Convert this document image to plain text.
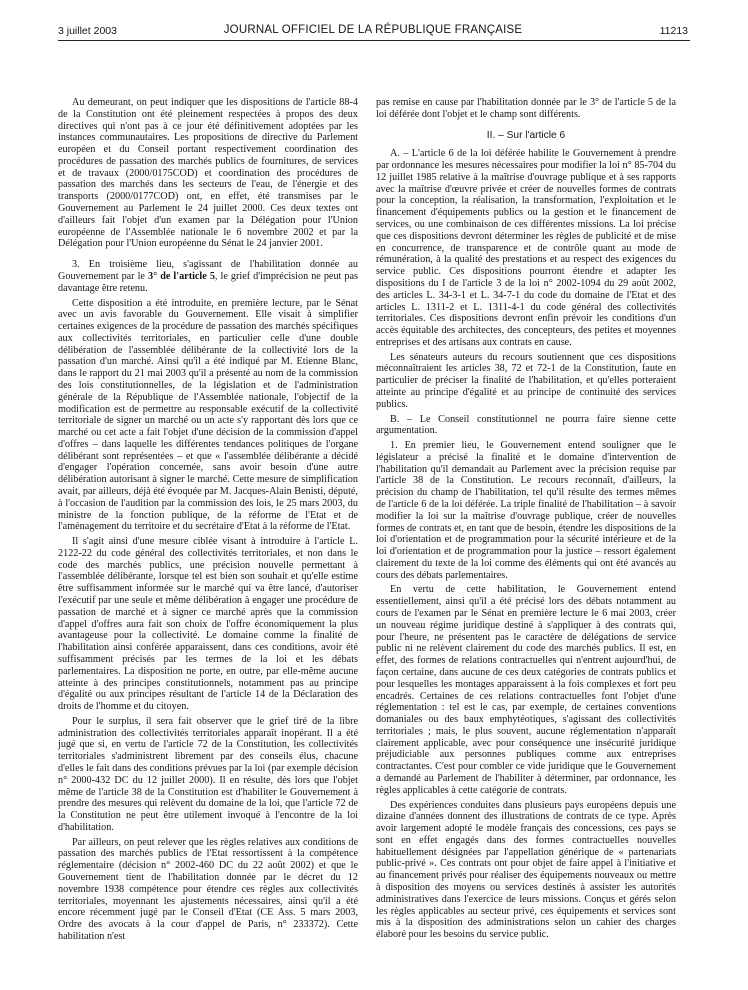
3 juillet 2003	JOURNAL OFFICIEL DE LA RÉPUBLIQUE FRANÇAISE	11213

Au demeurant, on peut indiquer que les dispositions de l'article 88-4 de la Constitution ont été pleinement respectées à propos des deux directives qui n'ont pas à ce jour été définitivement adoptées par les instances communautaires. Les propositions de directive du Parlement européen et du Conseil portant respectivement coordination des procédures de passation des marchés publics de fournitures, de services et de travaux (2000/0175COD) et coordination des procédures de passation des marchés dans les secteurs de l'eau, de l'énergie et des transports (2000/0177COD) ont, en effet, été transmises par le Gouvernement au Parlement le 24 juillet 2000. Ces deux textes ont d'ailleurs fait l'objet d'un examen par la Délégation pour l'Union européenne de l'Assemblée nationale le 6 novembre 2002 et par la Délégation pour l'Union européenne du Sénat le 24 janvier 2001.

3. En troisième lieu, s'agissant de l'habilitation donnée au Gouvernement par le 3° de l'article 5, le grief d'imprécision ne peut pas davantage être retenu.

Cette disposition a été introduite, en première lecture, par le Sénat avec un avis favorable du Gouvernement. Elle visait à simplifier certaines exigences de la procédure de passation des marchés spécifiques aux collectivités territoriales, en particulier celle d'une double délibération de l'assemblée délibérante de la collectivité lors de la passation d'un marché. Ainsi qu'il a été indiqué par M. Etienne Blanc, dans le rapport du 21 mai 2003 qu'il a présenté au nom de la commission des lois constitutionnelles, de la législation et de l'administration générale de la République de l'Assemblée nationale, l'objectif de la modification est de permettre au responsable exécutif de la collectivité territoriale de signer un marché ou un acte s'y rapportant dès lors que ce marché ou cet acte a fait l'objet d'une décision de la commission d'appel d'offres – dans laquelle les différentes tendances politiques de l'organe délibérant sont représentées – et que « l'assemblée délibérante a décidé d'engager l'opération concernée, sans avoir besoin d'une autre délibération autorisant à signer le marché. Cette mesure de simplification avait, par ailleurs, déjà été évoquée par M. Jacques-Alain Benisti, député, à l'occasion de l'audition par la commission des lois, le 25 mars 2003, du ministre de la fonction publique, de la réforme de l'Etat et de l'aménagement du territoire et du secrétaire d'Etat à la réforme de l'Etat.

Il s'agit ainsi d'une mesure ciblée visant à introduire à l'article L. 2122-22 du code général des collectivités territoriales, et non dans le code des marchés publics, une précision nouvelle permettant à l'assemblée délibérante, lorsque tel est bien son souhait et qu'elle estime être suffisamment informée sur le marché qui va être lancé, d'autoriser l'exécutif par une seule et même délibération à engager une procédure de passation de marché et à signer ce marché après que la commission d'appel d'offres aura fait son choix de l'offre économiquement la plus avantageuse pour la collectivité. Le domaine comme la finalité de l'habilitation ainsi conférée apparaissent, dans ces conditions, avoir été suffisamment précisés par les termes de la loi et les débats parlementaires. La disposition ne porte, en outre, par elle-même aucune atteinte à des principes constitutionnels, notamment pas au principe d'égalité ou aux principes résultant de l'article 14 de la Déclaration des droits de l'homme et du citoyen.

Pour le surplus, il sera fait observer que le grief tiré de la libre administration des collectivités territoriales apparaît inopérant. Il a été jugé que si, en vertu de l'article 72 de la Constitution, les collectivités territoriales s'administrent librement par des conseils élus, chacune d'elles le fait dans des conditions prévues par la loi (par exemple décision n° 2000-432 DC du 12 juillet 2000). Il en résulte, dès lors que l'objet même de l'article 38 de la Constitution est d'habiliter le Gouvernement à prendre des mesures qui relèvent du domaine de la loi, que l'article 72 de la Constitution ne peut être utilement invoqué à l'encontre de la loi d'habilitation.

Par ailleurs, on peut relever que les règles relatives aux conditions de passation des marchés publics de l'Etat ressortissent à la compétence réglementaire (décision n° 2002-460 DC du 22 août 2002) et que le Gouvernement tient de l'habilitation donnée par le décret du 12 novembre 1938 compétence pour étendre ces règles aux collectivités territoriales, moyennant les ajustements nécessaires, ainsi qu'il a été encore récemment jugé par le Conseil d'Etat (CE Ass. 5 mars 2003, Ordre des avocats à la cour d'appel de Paris, n° 233372). Cette habilitation n'est

pas remise en cause par l'habilitation donnée par le 3° de l'article 5 de la loi déférée dont l'objet et le champ sont différents.

II. – Sur l'article 6

A. – L'article 6 de la loi déférée habilite le Gouvernement à prendre par ordonnance les mesures nécessaires pour modifier la loi n° 85-704 du 12 juillet 1985 relative à la maîtrise d'ouvrage publique et à ses rapports avec la maîtrise d'œuvre privée et créer de nouvelles formes de contrats pour la conception, la réalisation, la transformation, l'exploitation et le financement d'équipements publics ou la gestion et le financement de services, ou une combinaison de ces différentes missions. La loi précise que ces dispositions devront déterminer les règles de publicité et de mise en concurrence, de transparence et de contrôle quant au mode de rémunération, à la qualité des prestations et au respect des exigences du service public. Ces dispositions pourront étendre et adapter les dispositions du I de l'article 3 de la loi n° 2002-1094 du 29 août 2002, des articles L. 34-3-1 et L. 34-7-1 du code du domaine de l'Etat et des articles L. 1311-2 et L. 1311-4-1 du code général des collectivités territoriales. Ces dispositions devront enfin prévoir les conditions d'un accès équitable des architectes, des concepteurs, des petites et moyennes entreprises et des artisans aux contrats en cause.

Les sénateurs auteurs du recours soutiennent que ces dispositions méconnaîtraient les articles 38, 72 et 72-1 de la Constitution, faute en particulier de préciser la finalité de l'habilitation, et qu'elles porteraient atteinte au principe d'égalité et au principe de continuité des services publics.

B. – Le Conseil constitutionnel ne pourra faire sienne cette argumentation.

1. En premier lieu, le Gouvernement entend souligner que le législateur a précisé la finalité et le domaine d'intervention de l'habilitation qu'il demandait au Parlement avec la précision requise par l'article 38 de la Constitution. Le recours reconnaît, d'ailleurs, la précision du champ de l'habilitation, tel qu'il résulte des termes mêmes de l'article 6 de la loi déférée. La triple finalité de l'habilitation – à savoir modifier la loi sur la maîtrise d'ouvrage publique, créer de nouvelles formes de contrats et, en tant que de besoin, étendre les dispositions de la loi d'orientation et de programmation pour la sécurité intérieure et de la loi d'orientation et de programmation pour la justice – ressort également clairement du texte de la loi comme des éléments qui ont été avancés au cours des débats parlementaires.

En vertu de cette habilitation, le Gouvernement entend essentiellement, ainsi qu'il a été précisé lors des débats notamment au cours de l'examen par le Sénat en première lecture le 6 mai 2003, créer un nouveau régime juridique destiné à s'appliquer à des contrats qui, pour l'heure, ne présentent pas le caractère de délégations de service public ni ne relèvent clairement du code des marchés publics. Il est, en effet, des formes de relations contractuelles qui n'entrent aujourd'hui, de façon certaine, dans aucune de ces deux catégories de contrats publics et pour lesquelles les montages apparaissent à la fois complexes et fort peu encadrés. Certaines de ces relations contractuelles font l'objet d'une réglementation : tel est le cas, par exemple, de certaines conventions domaniales ou des baux emphytéotiques, s'agissant des collectivités territoriales ; mais, le plus souvent, aucune réglementation n'apparaît clairement applicable, avec pour conséquence une insécurité juridique préjudiciable aux personnes publiques comme aux entreprises contractantes. C'est pour combler ce vide juridique que le Gouvernement a demandé au Parlement de l'habiliter à déterminer, par ordonnance, les règles applicables à cette catégorie de contrats.

Des expériences conduites dans plusieurs pays européens depuis une dizaine d'années donnent des illustrations de contrats de ce type. Après avoir largement adopté le modèle français des concessions, ces pays se sont en effet engagés dans des formes contractuelles nouvelles habituellement désignées par l'appellation générique de « partenariats public-privé ». Ces contrats ont pour objet de faire appel à l'initiative et au financement privés pour réaliser des équipements nouveaux ou mettre à disposition des moyens ou services destinés à assister les autorités administratives dans l'exercice de leurs missions. Conçus et gérés selon les règles applicables au secteur privé, ces équipements et services sont mis à la disposition des administrations selon un cahier des charges élaboré pour les besoins du service public.
